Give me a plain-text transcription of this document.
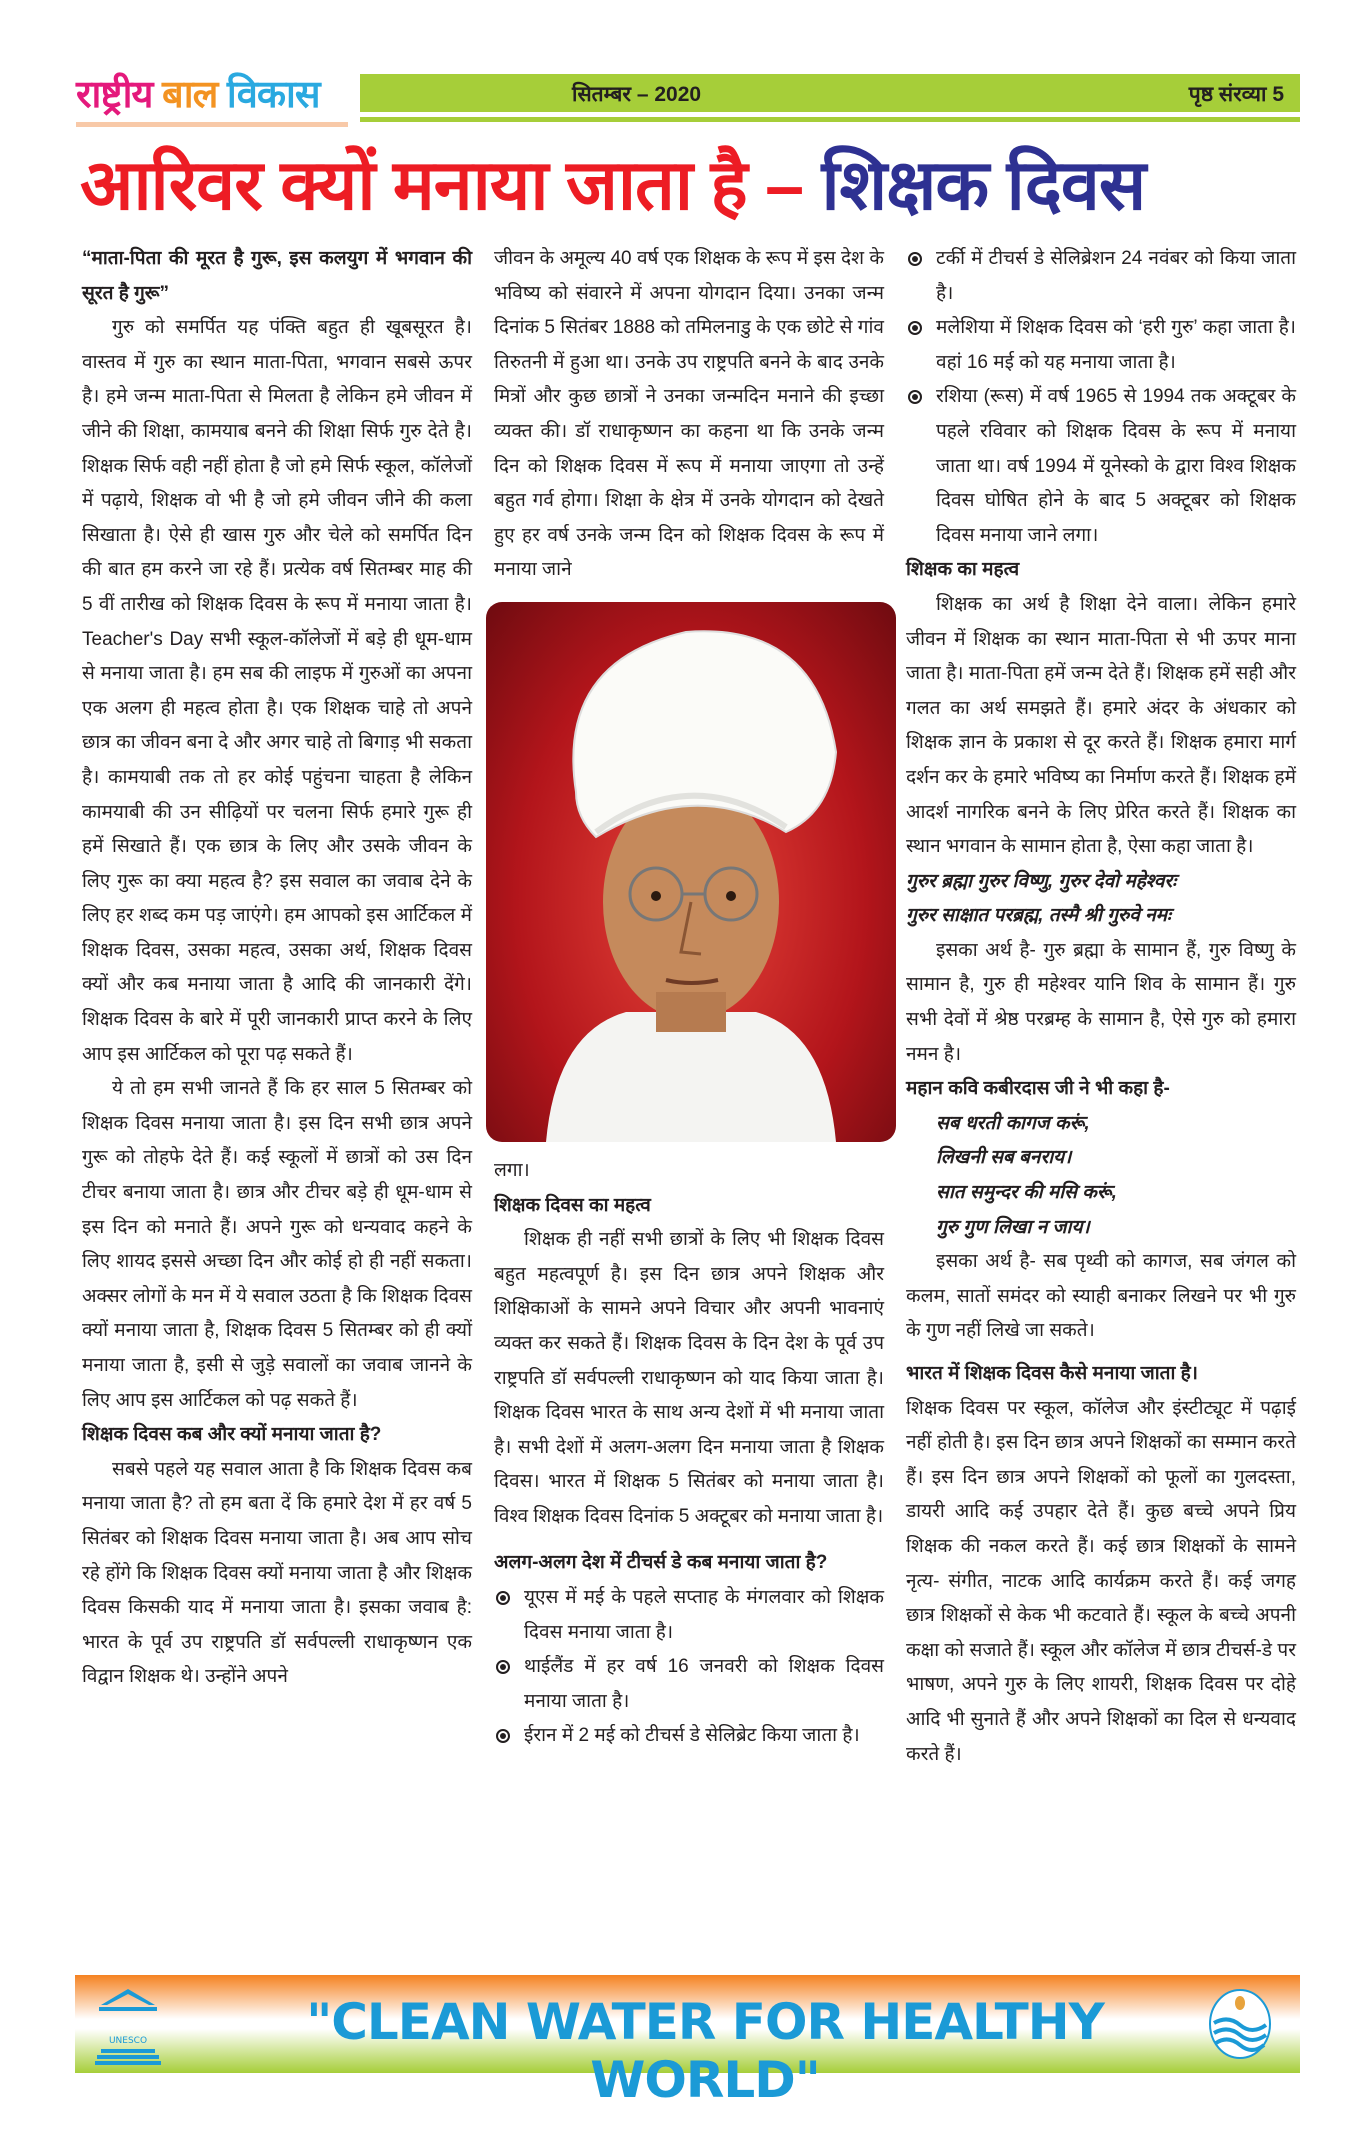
राष्ट्रीय बाल विकास	सितम्बर – 2020	पृष्ठ संरव्या 5
आरिवर क्यों मनाया जाता है – शिक्षक दिवस

“माता-पिता की मूरत है गुरू, इस कलयुग में भगवान की सूरत है गुरू”

गुरु को समर्पित यह पंक्ति बहुत ही खूबसूरत है। वास्तव में गुरु का स्थान माता-पिता, भगवान सबसे ऊपर है। हमे जन्म माता-पिता से मिलता है लेकिन हमे जीवन में जीने की शिक्षा, कामयाब बनने की शिक्षा सिर्फ गुरु देते है। शिक्षक सिर्फ वही नहीं होता है जो हमे सिर्फ स्कूल, कॉलेजों में पढ़ाये, शिक्षक वो भी है जो हमे जीवन जीने की कला सिखाता है। ऐसे ही खास गुरु और चेले को समर्पित दिन की बात हम करने जा रहे हैं। प्रत्येक वर्ष सितम्बर माह की 5 वीं तारीख को शिक्षक दिवस के रूप में मनाया जाता है। Teacher's Day सभी स्कूल-कॉलेजों में बड़े ही धूम-धाम से मनाया जाता है। हम सब की लाइफ में गुरुओं का अपना एक अलग ही महत्व होता है। एक शिक्षक चाहे तो अपने छात्र का जीवन बना दे और अगर चाहे तो बिगाड़ भी सकता है। कामयाबी तक तो हर कोई पहुंचना चाहता है लेकिन कामयाबी की उन सीढ़ियों पर चलना सिर्फ हमारे गुरू ही हमें सिखाते हैं। एक छात्र के लिए और उसके जीवन के लिए गुरू का क्या महत्व है? इस सवाल का जवाब देने के लिए हर शब्द कम पड़ जाएंगे। हम आपको इस आर्टिकल में शिक्षक दिवस, उसका महत्व, उसका अर्थ, शिक्षक दिवस क्यों और कब मनाया जाता है आदि की जानकारी देंगे। शिक्षक दिवस के बारे में पूरी जानकारी प्राप्त करने के लिए आप इस आर्टिकल को पूरा पढ़ सकते हैं।

ये तो हम सभी जानते हैं कि हर साल 5 सितम्बर को शिक्षक दिवस मनाया जाता है। इस दिन सभी छात्र अपने गुरू को तोहफे देते हैं। कई स्कूलों में छात्रों को उस दिन टीचर बनाया जाता है। छात्र और टीचर बड़े ही धूम-धाम से इस दिन को मनाते हैं। अपने गुरू को धन्यवाद कहने के लिए शायद इससे अच्छा दिन और कोई हो ही नहीं सकता। अक्सर लोगों के मन में ये सवाल उठता है कि शिक्षक दिवस क्यों मनाया जाता है, शिक्षक दिवस 5 सितम्बर को ही क्यों मनाया जाता है, इसी से जुड़े सवालों का जवाब जानने के लिए आप इस आर्टिकल को पढ़ सकते हैं।

शिक्षक दिवस कब और क्यों मनाया जाता है?

सबसे पहले यह सवाल आता है कि शिक्षक दिवस कब मनाया जाता है? तो हम बता दें कि हमारे देश में हर वर्ष 5 सितंबर को शिक्षक दिवस मनाया जाता है। अब आप सोच रहे होंगे कि शिक्षक दिवस क्यों मनाया जाता है और शिक्षक दिवस किसकी याद में मनाया जाता है। इसका जवाब है: भारत के पूर्व उप राष्ट्रपति डॉ सर्वपल्ली राधाकृष्णन एक विद्वान शिक्षक थे। उन्होंने अपने

जीवन के अमूल्य 40 वर्ष एक शिक्षक के रूप में इस देश के भविष्य को संवारने में अपना योगदान दिया। उनका जन्म दिनांक 5 सितंबर 1888 को तमिलनाडु के एक छोटे से गांव तिरुतनी में हुआ था। उनके उप राष्ट्रपति बनने के बाद उनके मित्रों और कुछ छात्रों ने उनका जन्मदिन मनाने की इच्छा व्यक्त की। डॉ राधाकृष्णन का कहना था कि उनके जन्म दिन को शिक्षक दिवस में रूप में मनाया जाएगा तो उन्हें बहुत गर्व होगा। शिक्षा के क्षेत्र में उनके योगदान को देखते हुए हर वर्ष उनके जन्म दिन को शिक्षक दिवस के रूप में मनाया जाने

लगा।

शिक्षक दिवस का महत्व

शिक्षक ही नहीं सभी छात्रों के लिए भी शिक्षक दिवस बहुत महत्वपूर्ण है। इस दिन छात्र अपने शिक्षक और शिक्षिकाओं के सामने अपने विचार और अपनी भावनाएं व्यक्त कर सकते हैं। शिक्षक दिवस के दिन देश के पूर्व उप राष्ट्रपति डॉ सर्वपल्ली राधाकृष्णन को याद किया जाता है। शिक्षक दिवस भारत के साथ अन्य देशों में भी मनाया जाता है। सभी देशों में अलग-अलग दिन मनाया जाता है शिक्षक दिवस। भारत में शिक्षक 5 सितंबर को मनाया जाता है। विश्व शिक्षक दिवस दिनांक 5 अक्टूबर को मनाया जाता है।

अलग-अलग देश में टीचर्स डे कब मनाया जाता है?

यूएस में मई के पहले सप्ताह के मंगलवार को शिक्षक दिवस मनाया जाता है।
थाईलैंड में हर वर्ष 16 जनवरी को शिक्षक दिवस मनाया जाता है।
ईरान में 2 मई को टीचर्स डे सेलिब्रेट किया जाता है।
टर्की में टीचर्स डे सेलिब्रेशन 24 नवंबर को किया जाता है।
मलेशिया में शिक्षक दिवस को ‘हरी गुरु’ कहा जाता है। वहां 16 मई को यह मनाया जाता है।
रशिया (रूस) में वर्ष 1965 से 1994 तक अक्टूबर के पहले रविवार को शिक्षक दिवस के रूप में मनाया जाता था। वर्ष 1994 में यूनेस्को के द्वारा विश्व शिक्षक दिवस घोषित होने के बाद 5 अक्टूबर को शिक्षक दिवस मनाया जाने लगा।

शिक्षक का महत्व

शिक्षक का अर्थ है शिक्षा देने वाला। लेकिन हमारे जीवन में शिक्षक का स्थान माता-पिता से भी ऊपर माना जाता है। माता-पिता हमें जन्म देते हैं। शिक्षक हमें सही और गलत का अर्थ समझते हैं। हमारे अंदर के अंधकार को शिक्षक ज्ञान के प्रकाश से दूर करते हैं। शिक्षक हमारा मार्ग दर्शन कर के हमारे भविष्य का निर्माण करते हैं। शिक्षक हमें आदर्श नागरिक बनने के लिए प्रेरित करते हैं। शिक्षक का स्थान भगवान के सामान होता है, ऐसा कहा जाता है।

गुरुर ब्रह्मा गुरुर विष्णु, गुरुर देवो महेश्वरः

गुरुर साक्षात परब्रह्म, तस्मै श्री गुरुवे नमः

इसका अर्थ है- गुरु ब्रह्मा के सामान हैं, गुरु विष्णु के सामान है, गुरु ही महेश्वर यानि शिव के सामान हैं। गुरु सभी देवों में श्रेष्ठ परब्रम्ह के सामान है, ऐसे गुरु को हमारा नमन है।

महान कवि कबीरदास जी ने भी कहा है-

सब धरती कागज करूं,

लिखनी सब बनराय।

सात समुन्दर की मसि करूं,

गुरु गुण लिखा न जाय।

इसका अर्थ है- सब पृथ्वी को कागज, सब जंगल को कलम, सातों समंदर को स्याही बनाकर लिखने पर भी गुरु के गुण नहीं लिखे जा सकते।

भारत में शिक्षक दिवस कैसे मनाया जाता है।

शिक्षक दिवस पर स्कूल, कॉलेज और इंस्टीट्यूट में पढ़ाई नहीं होती है। इस दिन छात्र अपने शिक्षकों का सम्मान करते हैं। इस दिन छात्र अपने शिक्षकों को फूलों का गुलदस्ता, डायरी आदि कई उपहार देते हैं। कुछ बच्चे अपने प्रिय शिक्षक की नकल करते हैं। कई छात्र शिक्षकों के सामने नृत्य- संगीत, नाटक आदि कार्यक्रम करते हैं। कई जगह छात्र शिक्षकों से केक भी कटवाते हैं। स्कूल के बच्चे अपनी कक्षा को सजाते हैं। स्कूल और कॉलेज में छात्र टीचर्स-डे पर भाषण, अपने गुरु के लिए शायरी, शिक्षक दिवस पर दोहे आदि भी सुनाते हैं और अपने शिक्षकों का दिल से धन्यवाद करते हैं।

UNESCO	"CLEAN WATER FOR HEALTHY WORLD"
